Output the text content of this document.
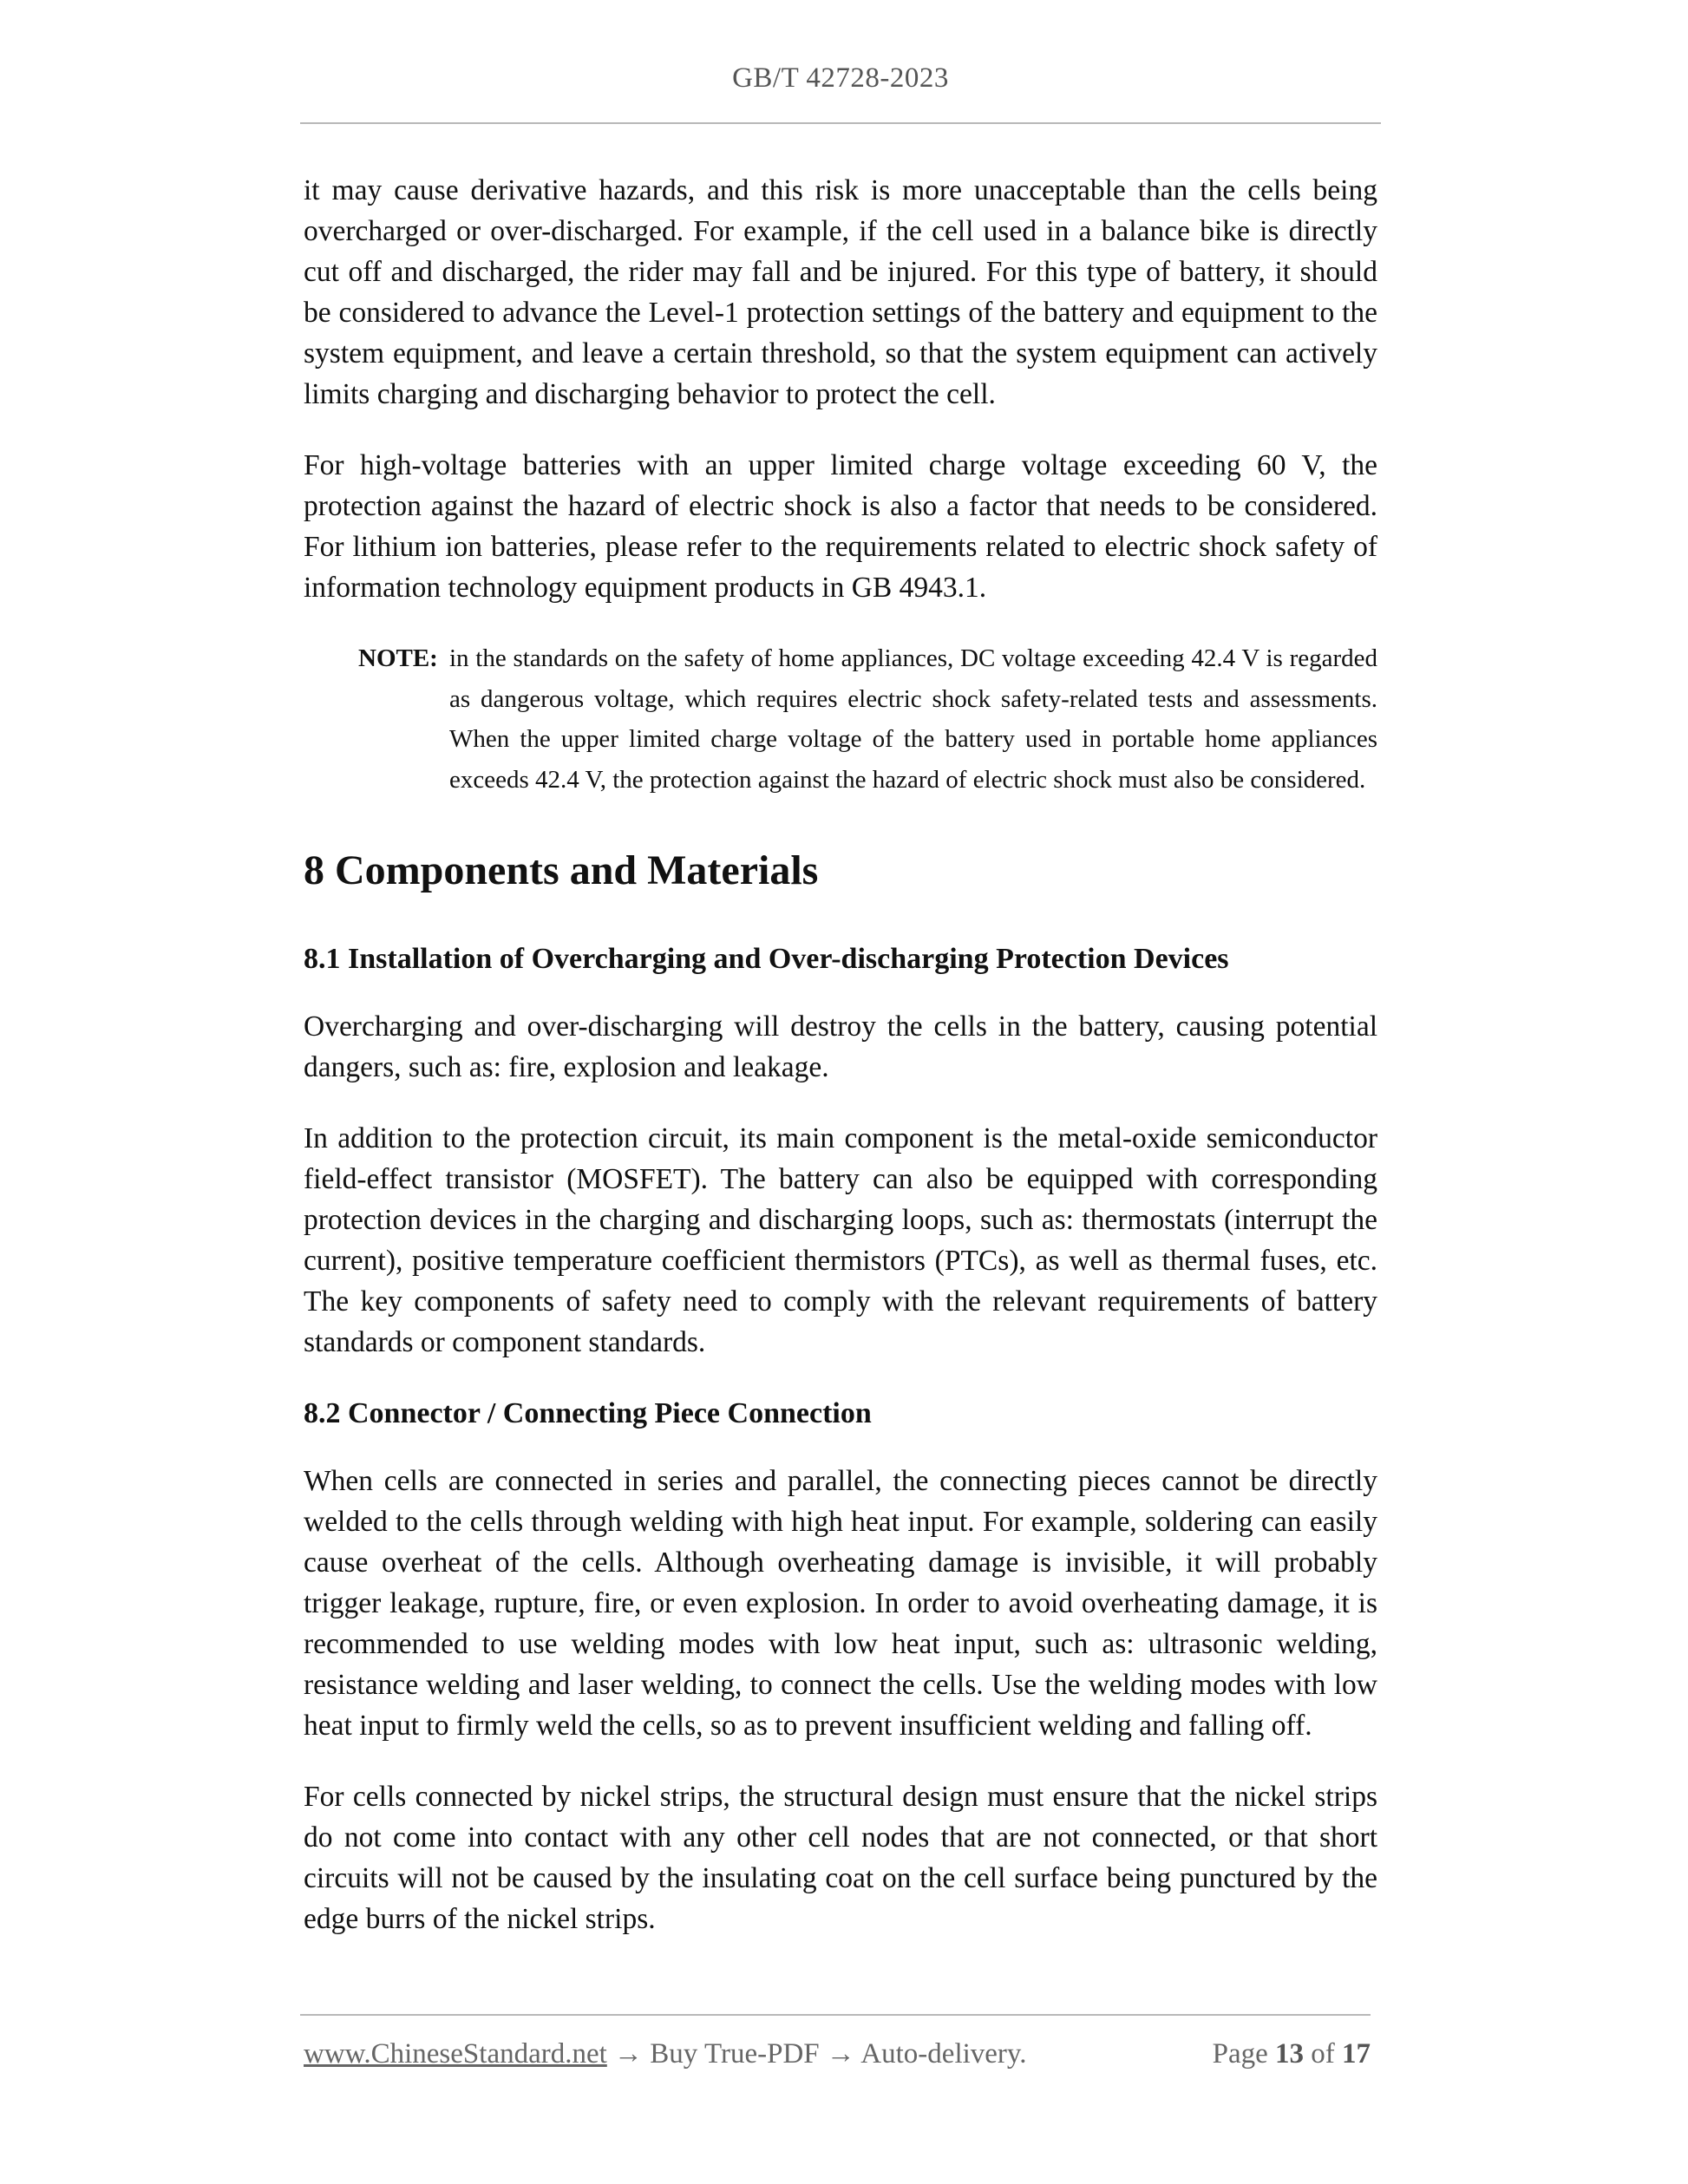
GB/T 42728-2023

it may cause derivative hazards, and this risk is more unacceptable than the cells being overcharged or over-discharged. For example, if the cell used in a balance bike is directly cut off and discharged, the rider may fall and be injured. For this type of battery, it should be considered to advance the Level-1 protection settings of the battery and equipment to the system equipment, and leave a certain threshold, so that the system equipment can actively limits charging and discharging behavior to protect the cell.

For high-voltage batteries with an upper limited charge voltage exceeding 60 V, the protection against the hazard of electric shock is also a factor that needs to be considered. For lithium ion batteries, please refer to the requirements related to electric shock safety of information technology equipment products in GB 4943.1.

NOTE: in the standards on the safety of home appliances, DC voltage exceeding 42.4 V is regarded as dangerous voltage, which requires electric shock safety-related tests and assessments. When the upper limited charge voltage of the battery used in portable home appliances exceeds 42.4 V, the protection against the hazard of electric shock must also be considered.
8 Components and Materials
8.1 Installation of Overcharging and Over-discharging Protection Devices

Overcharging and over-discharging will destroy the cells in the battery, causing potential dangers, such as: fire, explosion and leakage.

In addition to the protection circuit, its main component is the metal-oxide semiconductor field-effect transistor (MOSFET). The battery can also be equipped with corresponding protection devices in the charging and discharging loops, such as: thermostats (interrupt the current), positive temperature coefficient thermistors (PTCs), as well as thermal fuses, etc. The key components of safety need to comply with the relevant requirements of battery standards or component standards.

8.2 Connector / Connecting Piece Connection

When cells are connected in series and parallel, the connecting pieces cannot be directly welded to the cells through welding with high heat input. For example, soldering can easily cause overheat of the cells. Although overheating damage is invisible, it will probably trigger leakage, rupture, fire, or even explosion. In order to avoid overheating damage, it is recommended to use welding modes with low heat input, such as: ultrasonic welding, resistance welding and laser welding, to connect the cells. Use the welding modes with low heat input to firmly weld the cells, so as to prevent insufficient welding and falling off.

For cells connected by nickel strips, the structural design must ensure that the nickel strips do not come into contact with any other cell nodes that are not connected, or that short circuits will not be caused by the insulating coat on the cell surface being punctured by the edge burrs of the nickel strips.

www.ChineseStandard.net → Buy True-PDF → Auto-delivery.	Page 13 of 17
